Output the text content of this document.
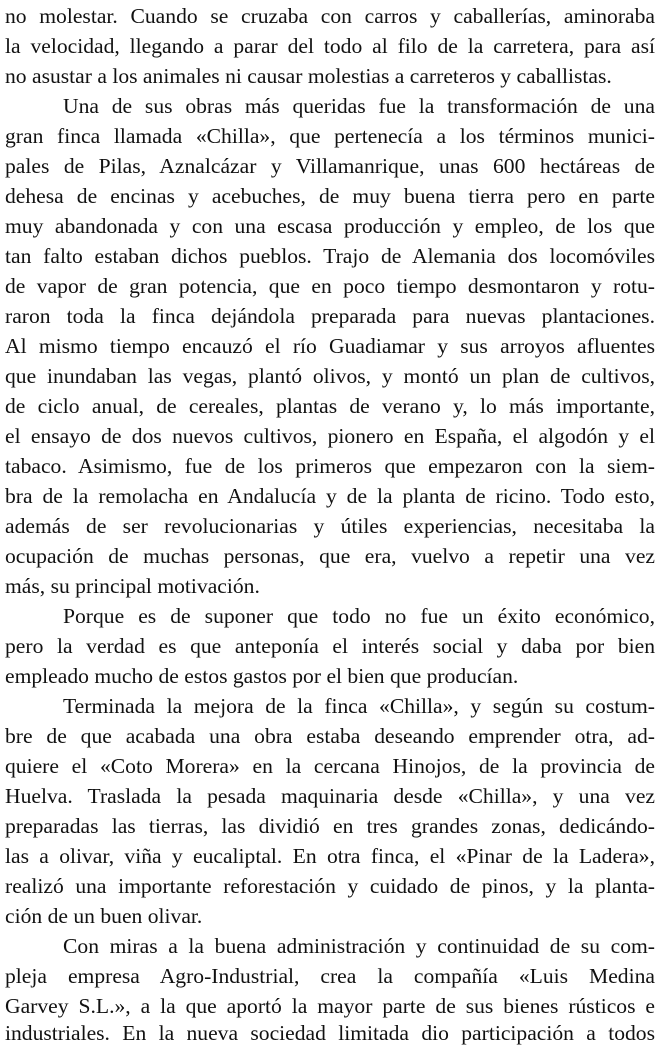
no molestar. Cuando se cruzaba con carros y caballerías, aminoraba
la velocidad, llegando a parar del todo al filo de la carretera, para así
no asustar a los animales ni causar molestias a carreteros y caballistas.
Una de sus obras más queridas fue la transformación de una
gran finca llamada «Chilla», que pertenecía a los términos munici-
pales de Pilas, Aznalcázar y Villamanrique, unas 600 hectáreas de
dehesa de encinas y acebuches, de muy buena tierra pero en parte
muy abandonada y con una escasa producción y empleo, de los que
tan falto estaban dichos pueblos. Trajo de Alemania dos locomóviles
de vapor de gran potencia, que en poco tiempo desmontaron y rotu-
raron toda la finca dejándola preparada para nuevas plantaciones.
Al mismo tiempo encauzó el río Guadiamar y sus arroyos afluentes
que inundaban las vegas, plantó olivos, y montó un plan de cultivos,
de ciclo anual, de cereales, plantas de verano y, lo más importante,
el ensayo de dos nuevos cultivos, pionero en España, el algodón y el
tabaco. Asimismo, fue de los primeros que empezaron con la siem-
bra de la remolacha en Andalucía y de la planta de ricino. Todo esto,
además de ser revolucionarias y útiles experiencias, necesitaba la
ocupación de muchas personas, que era, vuelvo a repetir una vez
más, su principal motivación.
Porque es de suponer que todo no fue un éxito económico,
pero la verdad es que anteponía el interés social y daba por bien
empleado mucho de estos gastos por el bien que producían.
Terminada la mejora de la finca «Chilla», y según su costum-
bre de que acabada una obra estaba deseando emprender otra, ad-
quiere el «Coto Morera» en la cercana Hinojos, de la provincia de
Huelva. Traslada la pesada maquinaria desde «Chilla», y una vez
preparadas las tierras, las dividió en tres grandes zonas, dedicándo-
las a olivar, viña y eucaliptal. En otra finca, el «Pinar de la Ladera»,
realizó una importante reforestación y cuidado de pinos, y la planta-
ción de un buen olivar.
Con miras a la buena administración y continuidad de su com-
pleja empresa Agro-Industrial, crea la compañía «Luis Medina
Garvey S.L.», a la que aportó la mayor parte de sus bienes rústicos e
industriales. En la nueva sociedad limitada dio participación a todos
